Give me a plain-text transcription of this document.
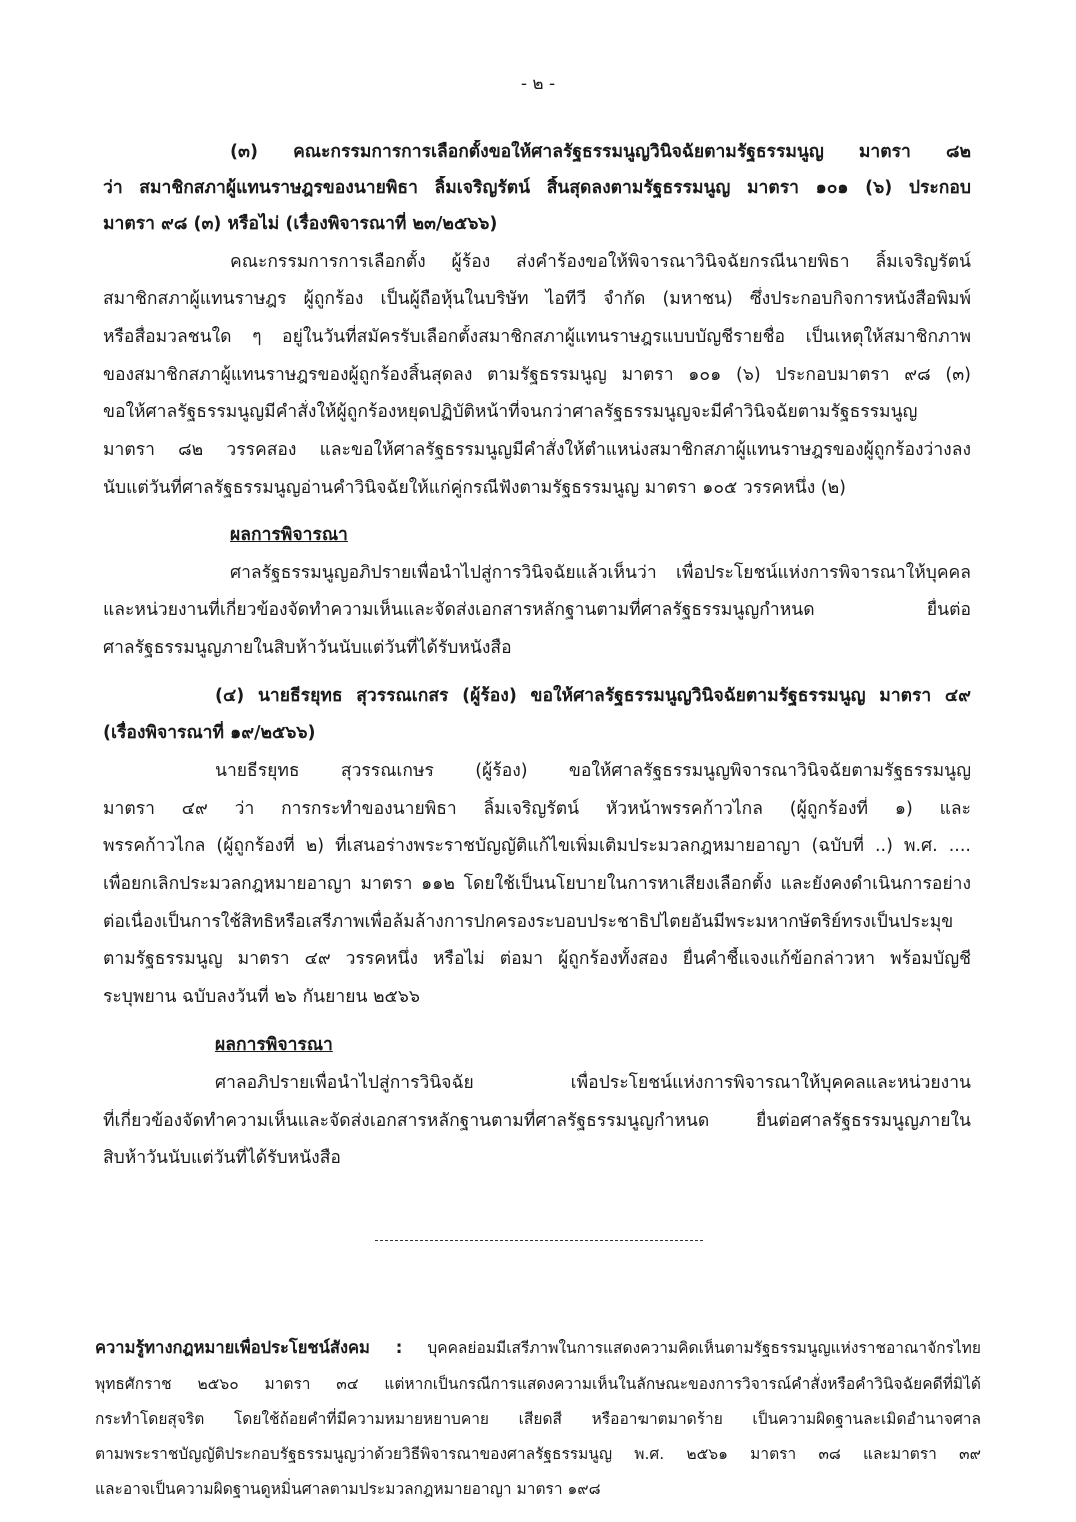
- ๒ -
(๓) คณะกรรมการการเลือกตั้งขอให้ศาลรัฐธรรมนูญวินิจฉัยตามรัฐธรรมนูญ มาตรา ๘๒
ว่า สมาชิกสภาผู้แทนราษฎรของนายพิธา ลิ้มเจริญรัตน์ สิ้นสุดลงตามรัฐธรรมนูญ มาตรา ๑๐๑ (๖) ประกอบ
มาตรา ๙๘ (๓) หรือไม่ (เรื่องพิจารณาที่ ๒๓/๒๕๖๖)
คณะกรรมการการเลือกตั้ง ผู้ร้อง ส่งคำร้องขอให้พิจารณาวินิจฉัยกรณีนายพิธา ลิ้มเจริญรัตน์
สมาชิกสภาผู้แทนราษฎร ผู้ถูกร้อง เป็นผู้ถือหุ้นในบริษัท ไอทีวี จำกัด (มหาชน) ซึ่งประกอบกิจการหนังสือพิมพ์
หรือสื่อมวลชนใด ๆ อยู่ในวันที่สมัครรับเลือกตั้งสมาชิกสภาผู้แทนราษฎรแบบบัญชีรายชื่อ เป็นเหตุให้สมาชิกภาพ
ของสมาชิกสภาผู้แทนราษฎรของผู้ถูกร้องสิ้นสุดลง ตามรัฐธรรมนูญ มาตรา ๑๐๑ (๖) ประกอบมาตรา ๙๘ (๓)
ขอให้ศาลรัฐธรรมนูญมีคำสั่งให้ผู้ถูกร้องหยุดปฏิบัติหน้าที่จนกว่าศาลรัฐธรรมนูญจะมีคำวินิจฉัยตามรัฐธรรมนูญ
มาตรา ๘๒ วรรคสอง และขอให้ศาลรัฐธรรมนูญมีคำสั่งให้ตำแหน่งสมาชิกสภาผู้แทนราษฎรของผู้ถูกร้องว่างลง
นับแต่วันที่ศาลรัฐธรรมนูญอ่านคำวินิจฉัยให้แก่คู่กรณีฟังตามรัฐธรรมนูญ มาตรา ๑๐๕ วรรคหนึ่ง (๒)
ผลการพิจารณา
ศาลรัฐธรรมนูญอภิปรายเพื่อนำไปสู่การวินิจฉัยแล้วเห็นว่า เพื่อประโยชน์แห่งการพิจารณาให้บุคคล
และหน่วยงานที่เกี่ยวข้องจัดทำความเห็นและจัดส่งเอกสารหลักฐานตามที่ศาลรัฐธรรมนูญกำหนด ยื่นต่อ
ศาลรัฐธรรมนูญภายในสิบห้าวันนับแต่วันที่ได้รับหนังสือ
(๔) นายธีรยุทธ สุวรรณเกสร (ผู้ร้อง) ขอให้ศาลรัฐธรรมนูญวินิจฉัยตามรัฐธรรมนูญ มาตรา ๔๙
(เรื่องพิจารณาที่ ๑๙/๒๕๖๖)
นายธีรยุทธ สุวรรณเกษร (ผู้ร้อง) ขอให้ศาลรัฐธรรมนูญพิจารณาวินิจฉัยตามรัฐธรรมนูญ
มาตรา ๔๙ ว่า การกระทำของนายพิธา ลิ้มเจริญรัตน์ หัวหน้าพรรคก้าวไกล (ผู้ถูกร้องที่ ๑) และ
พรรคก้าวไกล (ผู้ถูกร้องที่ ๒) ที่เสนอร่างพระราชบัญญัติแก้ไขเพิ่มเติมประมวลกฎหมายอาญา (ฉบับที่ ..) พ.ศ. ....
เพื่อยกเลิกประมวลกฎหมายอาญา มาตรา ๑๑๒ โดยใช้เป็นนโยบายในการหาเสียงเลือกตั้ง และยังคงดำเนินการอย่าง
ต่อเนื่องเป็นการใช้สิทธิหรือเสรีภาพเพื่อล้มล้างการปกครองระบอบประชาธิปไตยอันมีพระมหากษัตริย์ทรงเป็นประมุข
ตามรัฐธรรมนูญ มาตรา ๔๙ วรรคหนึ่ง หรือไม่ ต่อมา ผู้ถูกร้องทั้งสอง ยื่นคำชี้แจงแก้ข้อกล่าวหา พร้อมบัญชี
ระบุพยาน ฉบับลงวันที่ ๒๖ กันยายน ๒๕๖๖
ผลการพิจารณา
ศาลอภิปรายเพื่อนำไปสู่การวินิจฉัย เพื่อประโยชน์แห่งการพิจารณาให้บุคคลและหน่วยงาน
ที่เกี่ยวข้องจัดทำความเห็นและจัดส่งเอกสารหลักฐานตามที่ศาลรัฐธรรมนูญกำหนด ยื่นต่อศาลรัฐธรรมนูญภายใน
สิบห้าวันนับแต่วันที่ได้รับหนังสือ
ความรู้ทางกฎหมายเพื่อประโยชน์สังคม : บุคคลย่อมมีเสรีภาพในการแสดงความคิดเห็นตามรัฐธรรมนูญแห่งราชอาณาจักรไทย
พุทธศักราช ๒๕๖๐ มาตรา ๓๔ แต่หากเป็นกรณีการแสดงความเห็นในลักษณะของการวิจารณ์คำสั่งหรือคำวินิจฉัยคดีที่มิได้
กระทำโดยสุจริต โดยใช้ถ้อยคำที่มีความหมายหยาบคาย เสียดสี หรืออาฆาตมาดร้าย เป็นความผิดฐานละเมิดอำนาจศาล
ตามพระราชบัญญัติประกอบรัฐธรรมนูญว่าด้วยวิธีพิจารณาของศาลรัฐธรรมนูญ พ.ศ. ๒๕๖๑ มาตรา ๓๘ และมาตรา ๓๙
และอาจเป็นความผิดฐานดูหมิ่นศาลตามประมวลกฎหมายอาญา มาตรา ๑๙๘
